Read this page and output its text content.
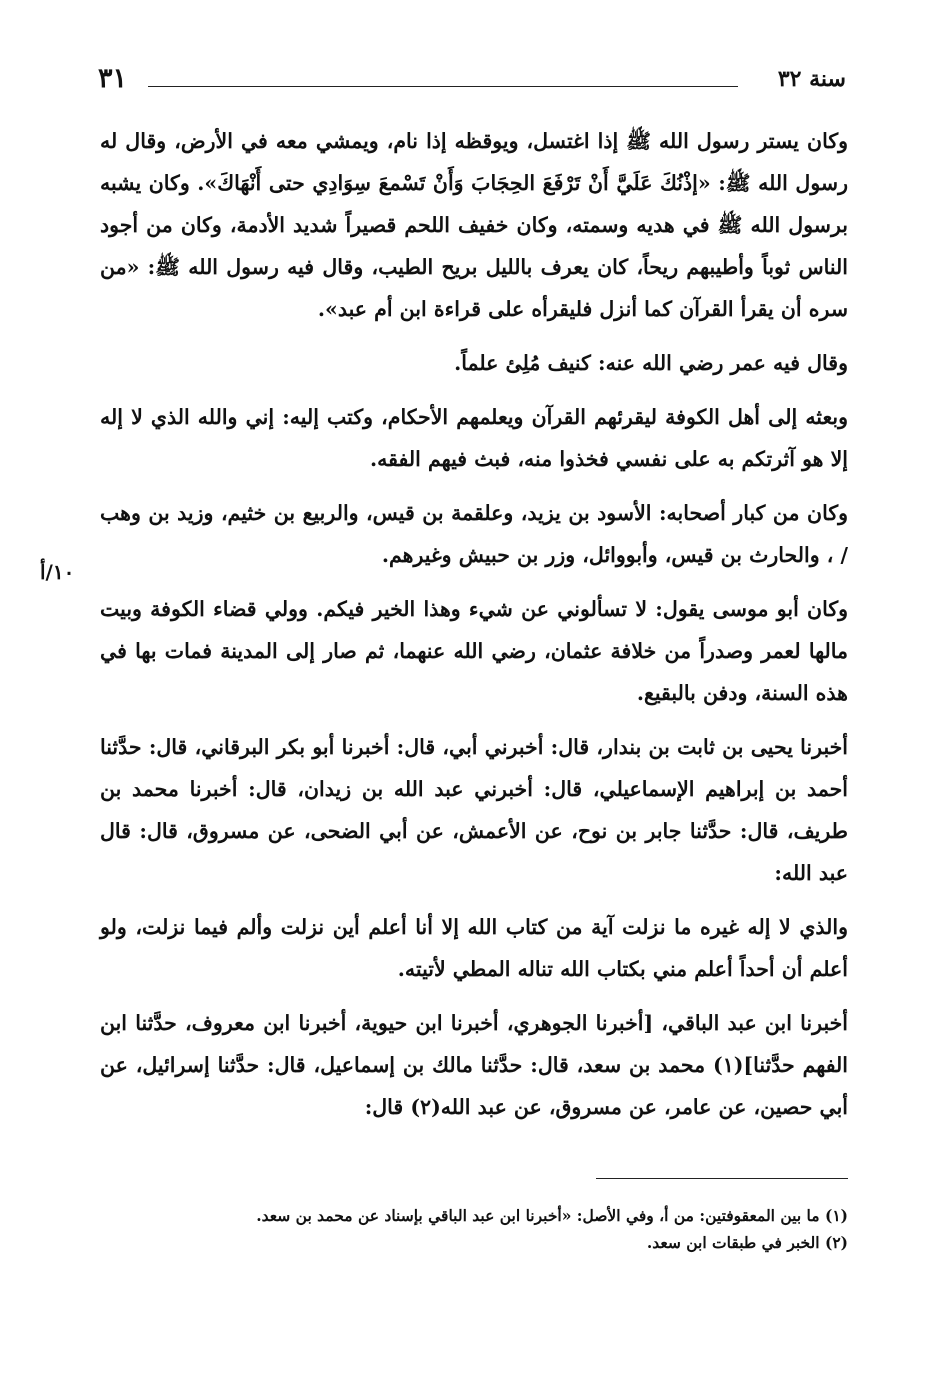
٣١	سنة ٣٢
١٠/أ

وكان يستر رسول الله ﷺ إذا اغتسل، ويوقظه إذا نام، ويمشي معه في الأرض، وقال له رسول الله ﷺ: «إذْنُكَ عَلَيَّ أَنْ تَرْفَعَ الحِجَابَ وَأَنْ تَسْمعَ سِوَادِي حتى أَنْهَاكَ». وكان يشبه برسول الله ﷺ في هديه وسمته، وكان خفيف اللحم قصيراً شديد الأدمة، وكان من أجود الناس ثوباً وأطيبهم ريحاً، كان يعرف بالليل بريح الطيب، وقال فيه رسول الله ﷺ: «من سره أن يقرأ القرآن كما أنزل فليقرأه على قراءة ابن أم عبد».

وقال فيه عمر رضي الله عنه: كنيف مُلِئ علماً.

وبعثه إلى أهل الكوفة ليقرئهم القرآن ويعلمهم الأحكام، وكتب إليه: إني والله الذي لا إله إلا هو آثرتكم به على نفسي فخذوا منه، فبث فيهم الفقه.

وكان من كبار أصحابه: الأسود بن يزيد، وعلقمة بن قيس، والربيع بن خثيم، وزيد بن وهب / ، والحارث بن قيس، وأبووائل، وزر بن حبيش وغيرهم.

وكان أبو موسى يقول: لا تسألوني عن شيء وهذا الخير فيكم. وولي قضاء الكوفة وبيت مالها لعمر وصدراً من خلافة عثمان، رضي الله عنهما، ثم صار إلى المدينة فمات بها في هذه السنة، ودفن بالبقيع.

أخبرنا يحيى بن ثابت بن بندار، قال: أخبرني أبي، قال: أخبرنا أبو بكر البرقاني، قال: حدَّثنا أحمد بن إبراهيم الإسماعيلي، قال: أخبرني عبد الله بن زيدان، قال: أخبرنا محمد بن طريف، قال: حدَّثنا جابر بن نوح، عن الأعمش، عن أبي الضحى، عن مسروق، قال: قال عبد الله:

والذي لا إله غيره ما نزلت آية من كتاب الله إلا أنا أعلم أين نزلت وألم فيما نزلت، ولو أعلم أن أحداً أعلم مني بكتاب الله تناله المطي لأتيته.

أخبرنا ابن عبد الباقي، [أخبرنا الجوهري، أخبرنا ابن حيوية، أخبرنا ابن معروف، حدَّثنا ابن الفهم حدَّثنا](١) محمد بن سعد، قال: حدَّثنا مالك بن إسماعيل، قال: حدَّثنا إسرائيل، عن أبي حصين، عن عامر، عن مسروق، عن عبد الله(٢) قال:

(١) ما بين المعقوفتين: من أ، وفي الأصل: «أخبرنا ابن عبد الباقي بإسناد عن محمد بن سعد.

(٢) الخبر في طبقات ابن سعد.
